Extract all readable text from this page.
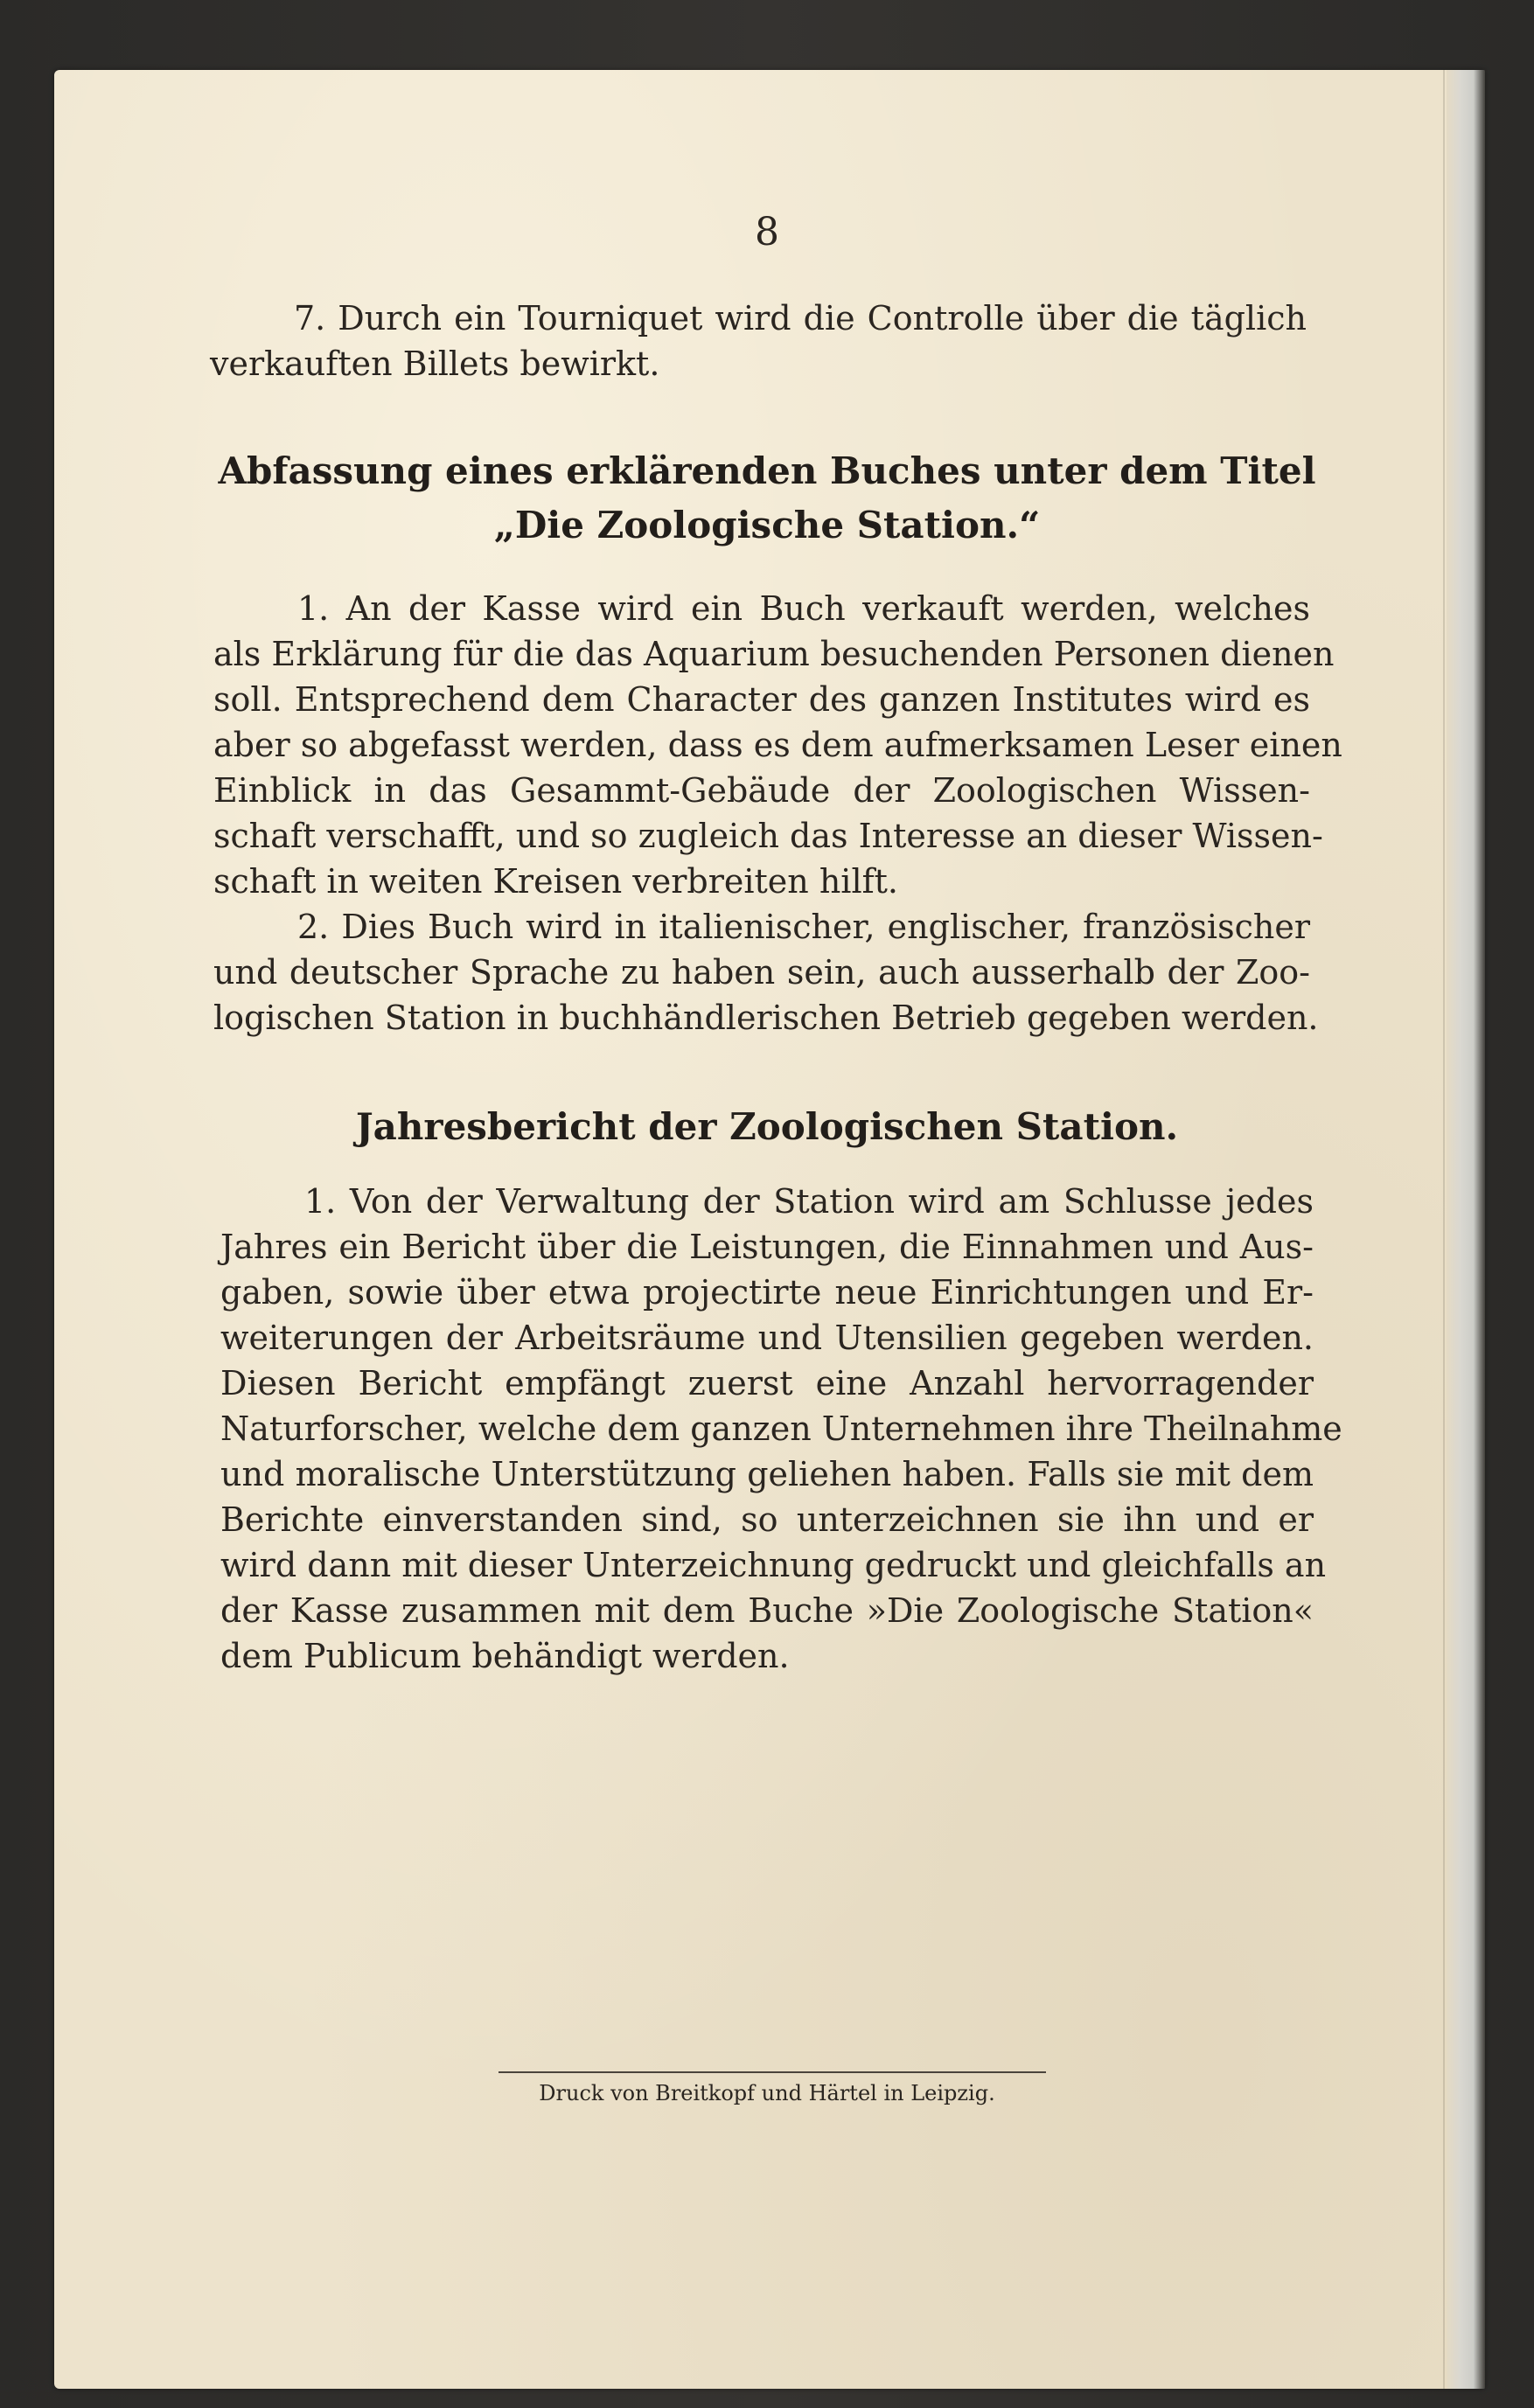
8
7. Durch ein Tourniquet wird die Controlle über die täglich
verkauften Billets bewirkt.
Abfassung eines erklärenden Buches unter dem Titel
„Die Zoologische Station.“
1. An der Kasse wird ein Buch verkauft werden, welches
als Erklärung für die das Aquarium besuchenden Personen dienen
soll. Entsprechend dem Character des ganzen Institutes wird es
aber so abgefasst werden, dass es dem aufmerksamen Leser einen
Einblick in das Gesammt-Gebäude der Zoologischen Wissen-
schaft verschafft, und so zugleich das Interesse an dieser Wissen-
schaft in weiten Kreisen verbreiten hilft.
2. Dies Buch wird in italienischer, englischer, französischer
und deutscher Sprache zu haben sein, auch ausserhalb der Zoo-
logischen Station in buchhändlerischen Betrieb gegeben werden.
Jahresbericht der Zoologischen Station.
1. Von der Verwaltung der Station wird am Schlusse jedes
Jahres ein Bericht über die Leistungen, die Einnahmen und Aus-
gaben, sowie über etwa projectirte neue Einrichtungen und Er-
weiterungen der Arbeitsräume und Utensilien gegeben werden.
Diesen Bericht empfängt zuerst eine Anzahl hervorragender
Naturforscher, welche dem ganzen Unternehmen ihre Theilnahme
und moralische Unterstützung geliehen haben. Falls sie mit dem
Berichte einverstanden sind, so unterzeichnen sie ihn und er
wird dann mit dieser Unterzeichnung gedruckt und gleichfalls an
der Kasse zusammen mit dem Buche »Die Zoologische Station«
dem Publicum behändigt werden.
Druck von Breitkopf und Härtel in Leipzig.
